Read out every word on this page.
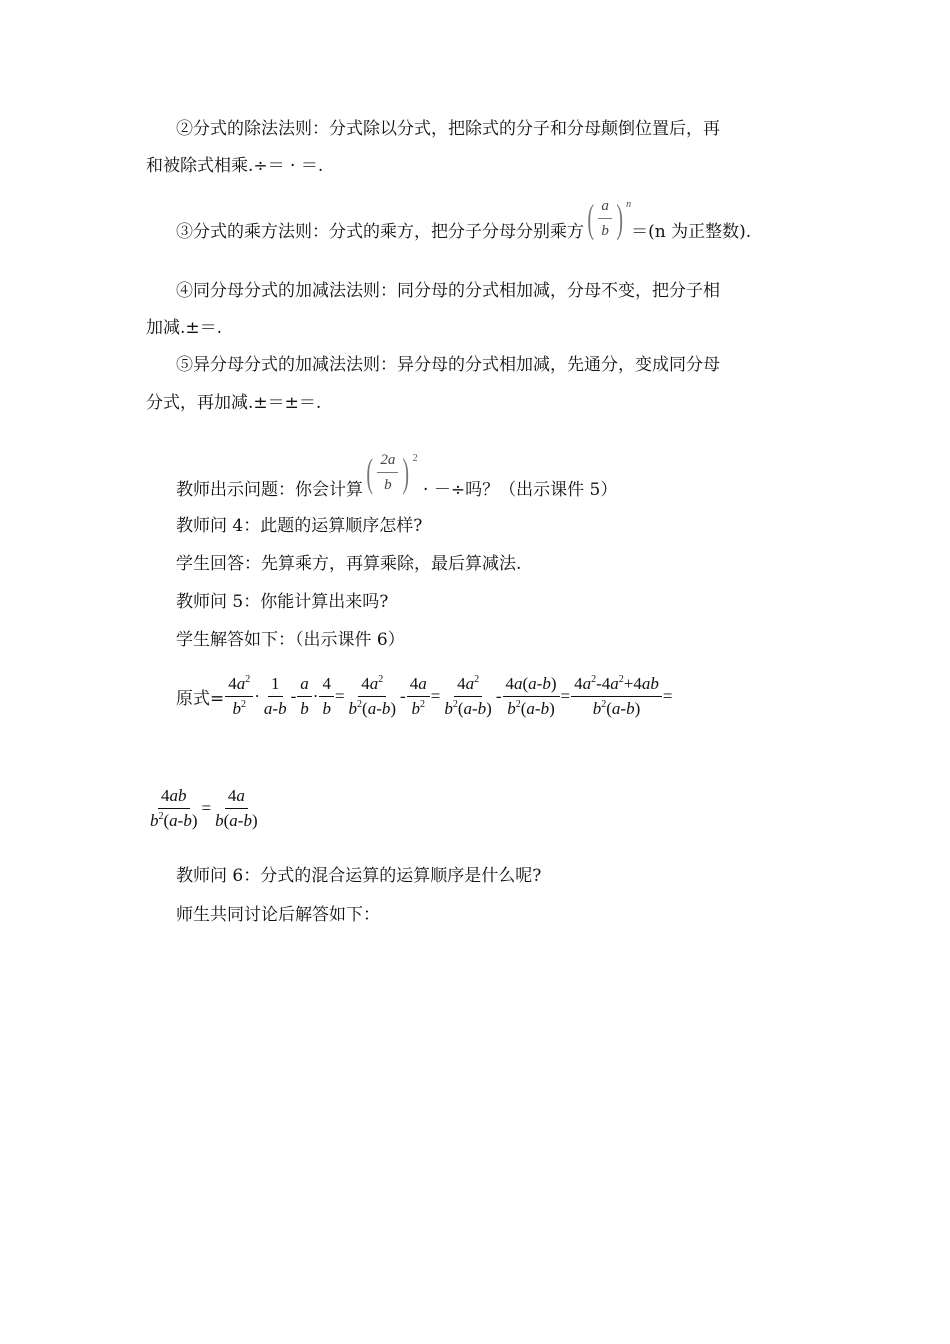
②分式的除法法则：分式除以分式，把除式的分子和分母颠倒位置后，再
和被除式相乘.÷＝ · ＝.
③分式的乘方法则：分式的乘方，把分子分母分别乘方 ( $\frac{a}{b}$ ) n
＝(n 为正整数).
④同分母分式的加减法法则：同分母的分式相加减，分母不变，把分子相
加减.±＝.
⑤异分母分式的加减法法则：异分母的分式相加减，先通分，变成同分母
分式，再加减.±＝±＝.
教师出示问题：你会计算 ( $\frac{2a}{b}$ ) 2
· －÷吗？（出示课件 5）
教师问 4：此题的运算顺序怎样?
学生回答：先算乘方，再算乘除，最后算减法.
教师问 5：你能计算出来吗?
学生解答如下：（出示课件 6）
原式= $\frac{4a^2}{b^2} \cdot \frac{1}{a-b} - \frac{a}{b} \cdot \frac{4}{b} = \frac{4a^2}{b^2(a-b)} - \frac{4a}{b^2} = \frac{4a^2}{b^2(a-b)} - \frac{4a(a-b)}{b^2(a-b)} = \frac{4a^2-4a^2+4ab}{b^2(a-b)}$ =
$\frac{4ab}{b^2(a-b)} = \frac{4a}{b(a-b)}$
教师问 6：分式的混合运算的运算顺序是什么呢?
师生共同讨论后解答如下：
